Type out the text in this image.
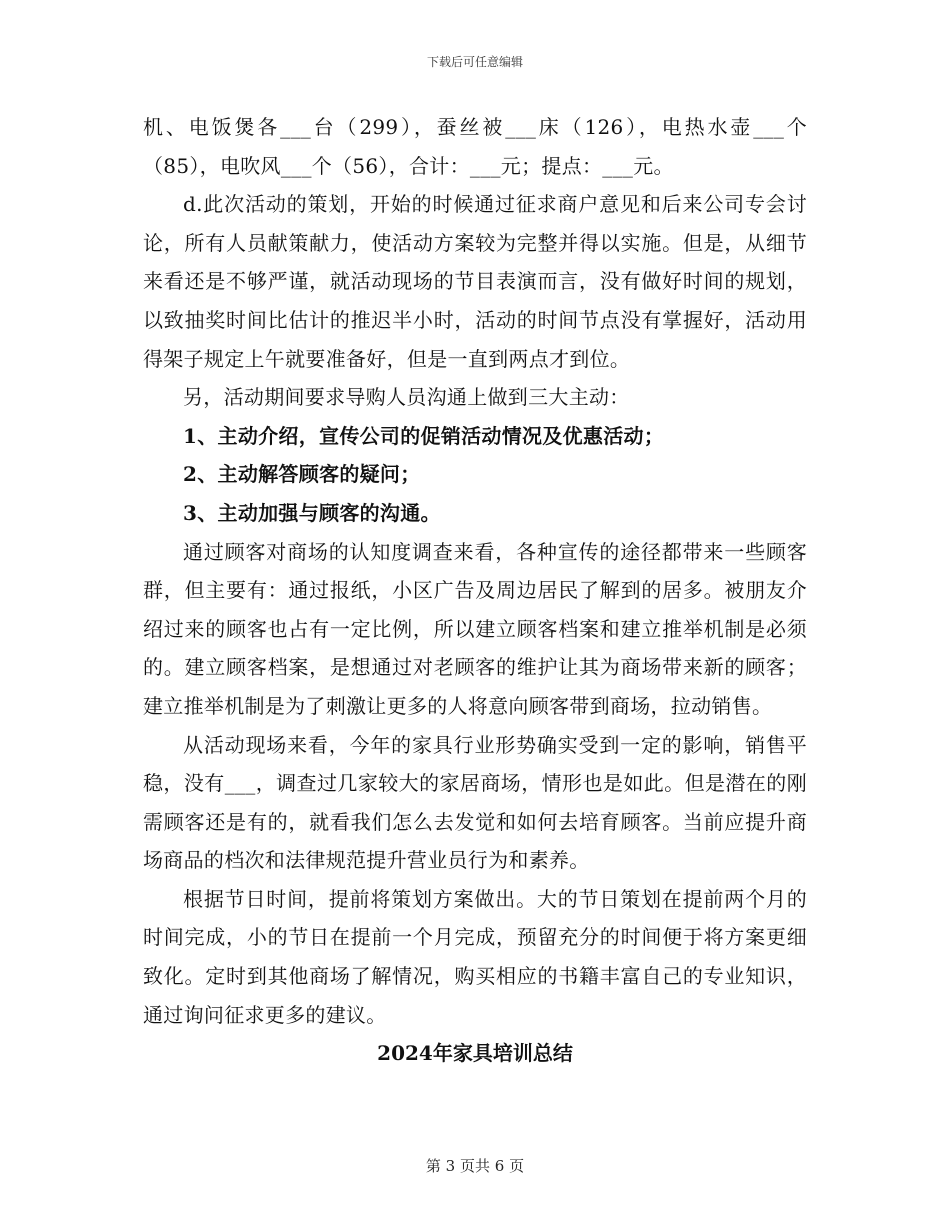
下载后可任意编辑

机、电饭煲各___台（299），蚕丝被___床（126），电热水壶___个（85），电吹风___个（56），合计：___元；提点：___元。

d.此次活动的策划，开始的时候通过征求商户意见和后来公司专会讨论，所有人员献策献力，使活动方案较为完整并得以实施。但是，从细节来看还是不够严谨，就活动现场的节目表演而言，没有做好时间的规划，以致抽奖时间比估计的推迟半小时，活动的时间节点没有掌握好，活动用得架子规定上午就要准备好，但是一直到两点才到位。

另，活动期间要求导购人员沟通上做到三大主动：

1、主动介绍，宣传公司的促销活动情况及优惠活动；

2、主动解答顾客的疑问；

3、主动加强与顾客的沟通。

通过顾客对商场的认知度调查来看，各种宣传的途径都带来一些顾客群，但主要有：通过报纸，小区广告及周边居民了解到的居多。被朋友介绍过来的顾客也占有一定比例，所以建立顾客档案和建立推举机制是必须的。建立顾客档案，是想通过对老顾客的维护让其为商场带来新的顾客；建立推举机制是为了刺激让更多的人将意向顾客带到商场，拉动销售。

从活动现场来看，今年的家具行业形势确实受到一定的影响，销售平稳，没有___，调查过几家较大的家居商场，情形也是如此。但是潜在的刚需顾客还是有的，就看我们怎么去发觉和如何去培育顾客。当前应提升商场商品的档次和法律规范提升营业员行为和素养。

根据节日时间，提前将策划方案做出。大的节日策划在提前两个月的时间完成，小的节日在提前一个月完成，预留充分的时间便于将方案更细致化。定时到其他商场了解情况，购买相应的书籍丰富自己的专业知识，通过询问征求更多的建议。

2024年家具培训总结

第 3 页共 6 页
